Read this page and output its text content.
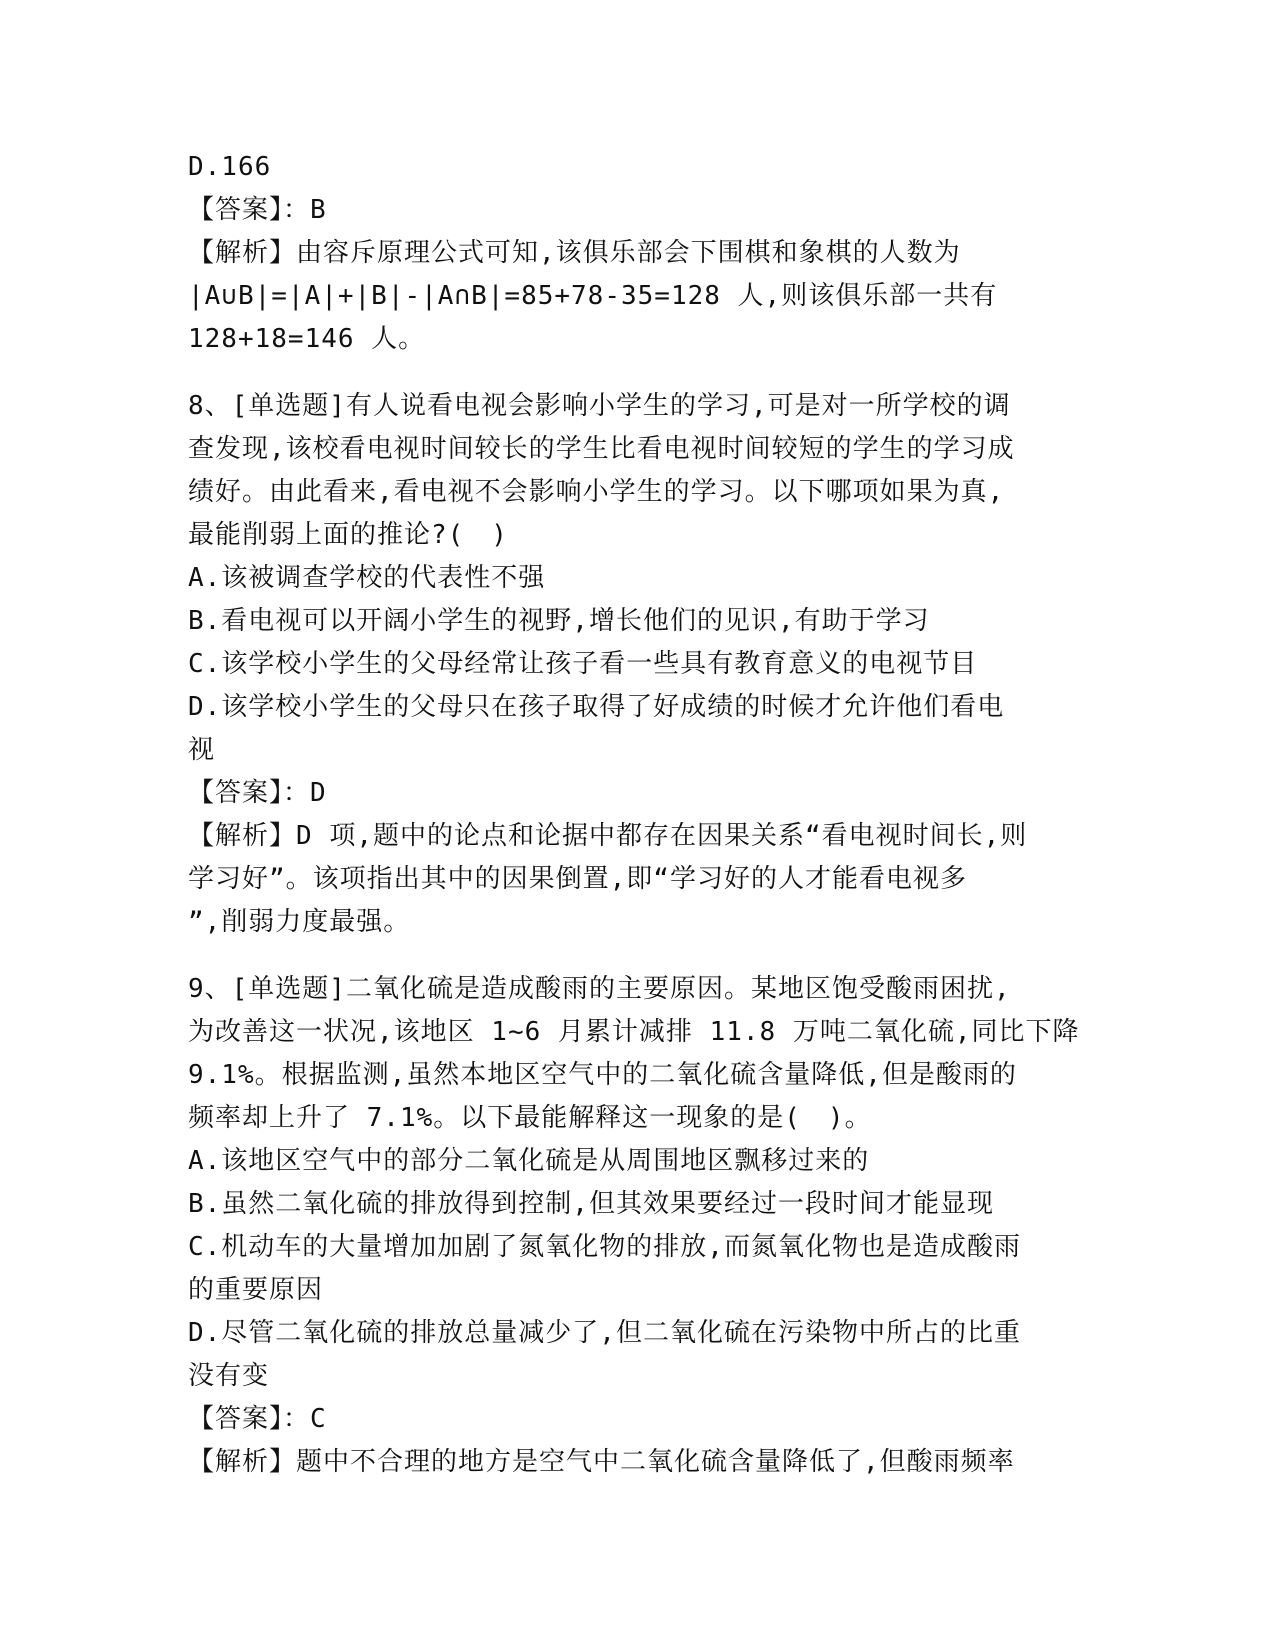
D.166
【答案】：B
【解析】由容斥原理公式可知,该俱乐部会下围棋和象棋的人数为
|A∪B|=|A|+|B|-|A∩B|=85+78-35=128 人,则该俱乐部一共有
128+18=146 人。
8、[单选题]有人说看电视会影响小学生的学习,可是对一所学校的调
查发现,该校看电视时间较长的学生比看电视时间较短的学生的学习成
绩好。由此看来,看电视不会影响小学生的学习。以下哪项如果为真,
最能削弱上面的推论?(　)
A.该被调查学校的代表性不强
B.看电视可以开阔小学生的视野,增长他们的见识,有助于学习
C.该学校小学生的父母经常让孩子看一些具有教育意义的电视节目
D.该学校小学生的父母只在孩子取得了好成绩的时候才允许他们看电
视
【答案】：D
【解析】D 项,题中的论点和论据中都存在因果关系“看电视时间长,则
学习好”。该项指出其中的因果倒置,即“学习好的人才能看电视多
”,削弱力度最强。
9、[单选题]二氧化硫是造成酸雨的主要原因。某地区饱受酸雨困扰,
为改善这一状况,该地区 1~6 月累计减排 11.8 万吨二氧化硫,同比下降
9.1%。根据监测,虽然本地区空气中的二氧化硫含量降低,但是酸雨的
频率却上升了 7.1%。以下最能解释这一现象的是(　)。
A.该地区空气中的部分二氧化硫是从周围地区飘移过来的
B.虽然二氧化硫的排放得到控制,但其效果要经过一段时间才能显现
C.机动车的大量增加加剧了氮氧化物的排放,而氮氧化物也是造成酸雨
的重要原因
D.尽管二氧化硫的排放总量减少了,但二氧化硫在污染物中所占的比重
没有变
【答案】：C
【解析】题中不合理的地方是空气中二氧化硫含量降低了,但酸雨频率
